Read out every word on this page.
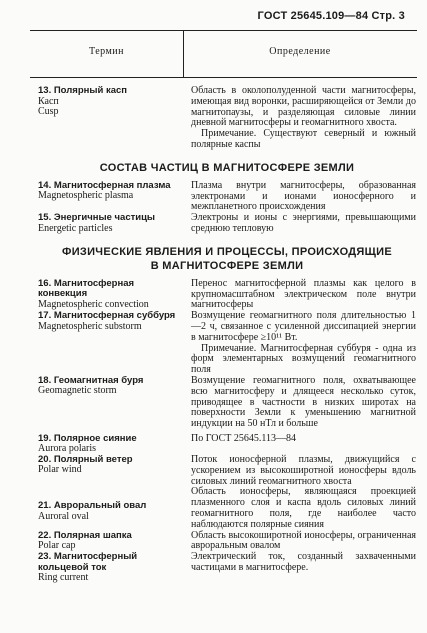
ГОСТ 25645.109—84 Стр. 3
Термин	Определение
13. Полярный касп
Касп
Cusp
Область в околополуденной части магнитосферы, имеющая вид воронки, расширяющейся от Земли до магнитопаузы, и разделяющая силовые линии дневной магнитосферы и геомагнитного хвоста.
Примечание. Существуют северный и южный полярные каспы
СОСТАВ ЧАСТИЦ В МАГНИТОСФЕРЕ ЗЕМЛИ
14. Магнитосферная плазма
Magnetospheric plasma
Плазма внутри магнитосферы, образованная электронами и ионами ионосферного и межпланетного происхождения
15. Энергичные частицы
Energetic particles
Электроны и ионы с энергиями, превышающими среднюю тепловую
ФИЗИЧЕСКИЕ ЯВЛЕНИЯ И ПРОЦЕССЫ, ПРОИСХОДЯЩИЕ
В МАГНИТОСФЕРЕ ЗЕМЛИ
16. Магнитосферная конвекция
Magnetospheric convection
Перенос магнитосферной плазмы как целого в крупномасштабном электрическом поле внутри магнитосферы
17. Магнитосферная суббуря
Magnetospheric substorm
Возмущение геомагнитного поля длительностью 1—2 ч, связанное с усиленной диссипацией энергии в магнитосфере ≥10¹¹ Вт.
Примечание. Магнитосферная суббуря - одна из форм элементарных возмущений геомагнитного поля
18. Геомагнитная буря
Geomagnetic storm
Возмущение геомагнитного поля, охватывающее всю магнитосферу и длящееся несколько суток, приводящее в частности в низких широтах на поверхности Земли к уменьшению магнитной индукции на 50 нТл и больше
19. Полярное сияние
Aurora polaris
По ГОСТ 25645.113—84
20. Полярный ветер
Polar wind
Поток ионосферной плазмы, движущийся с ускорением из высокоширотной ионосферы вдоль силовых линий геомагнитного хвоста
21. Авроральный овал
Auroral oval
Область ионосферы, являющаяся проекцией плазменного слоя и каспа вдоль силовых линий геомагнитного поля, где наиболее часто наблюдаются полярные сияния
22. Полярная шапка
Polar cap
Область высокоширотной ионосферы, ограниченная авроральным овалом
23. Магнитосферный кольцевой ток
Ring current
Электрический ток, созданный захваченными частицами в магнитосфере.
